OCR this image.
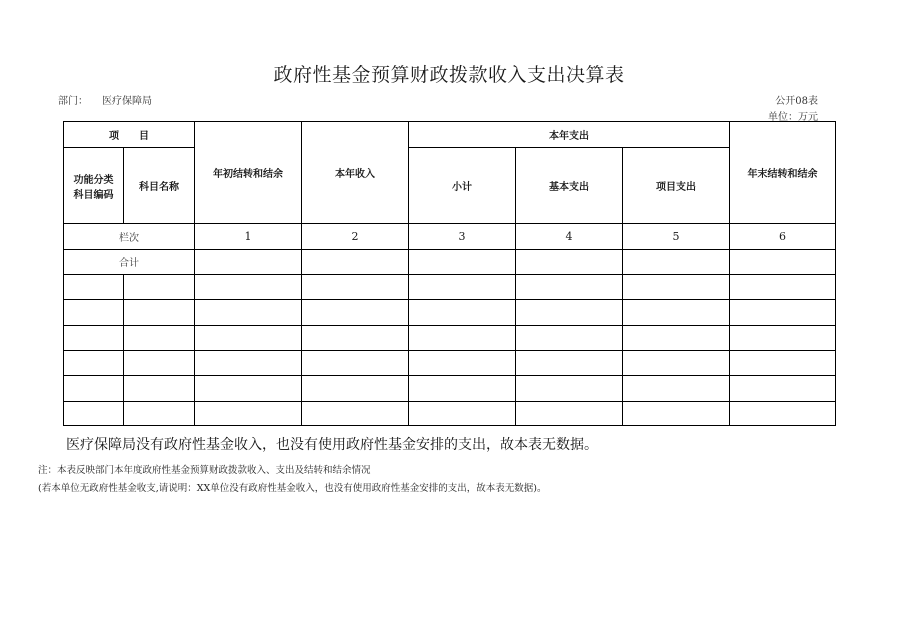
政府性基金预算财政拨款收入支出决算表
部门： 医疗保障局	公开08表
单位：万元
项　　目		年初结转和结余	本年收入	本年支出			年末结转和结余
功能分类
科目编码	科目名称			小计	基本支出	项目支出	
栏次		1	2	3	4	5	6
合计							

医疗保障局没有政府性基金收入，也没有使用政府性基金安排的支出，故本表无数据。
注：本表反映部门本年度政府性基金预算财政拨款收入、支出及结转和结余情况
(若本单位无政府性基金收支,请说明：XX单位没有政府性基金收入，也没有使用政府性基金安排的支出，故本表无数据)。
